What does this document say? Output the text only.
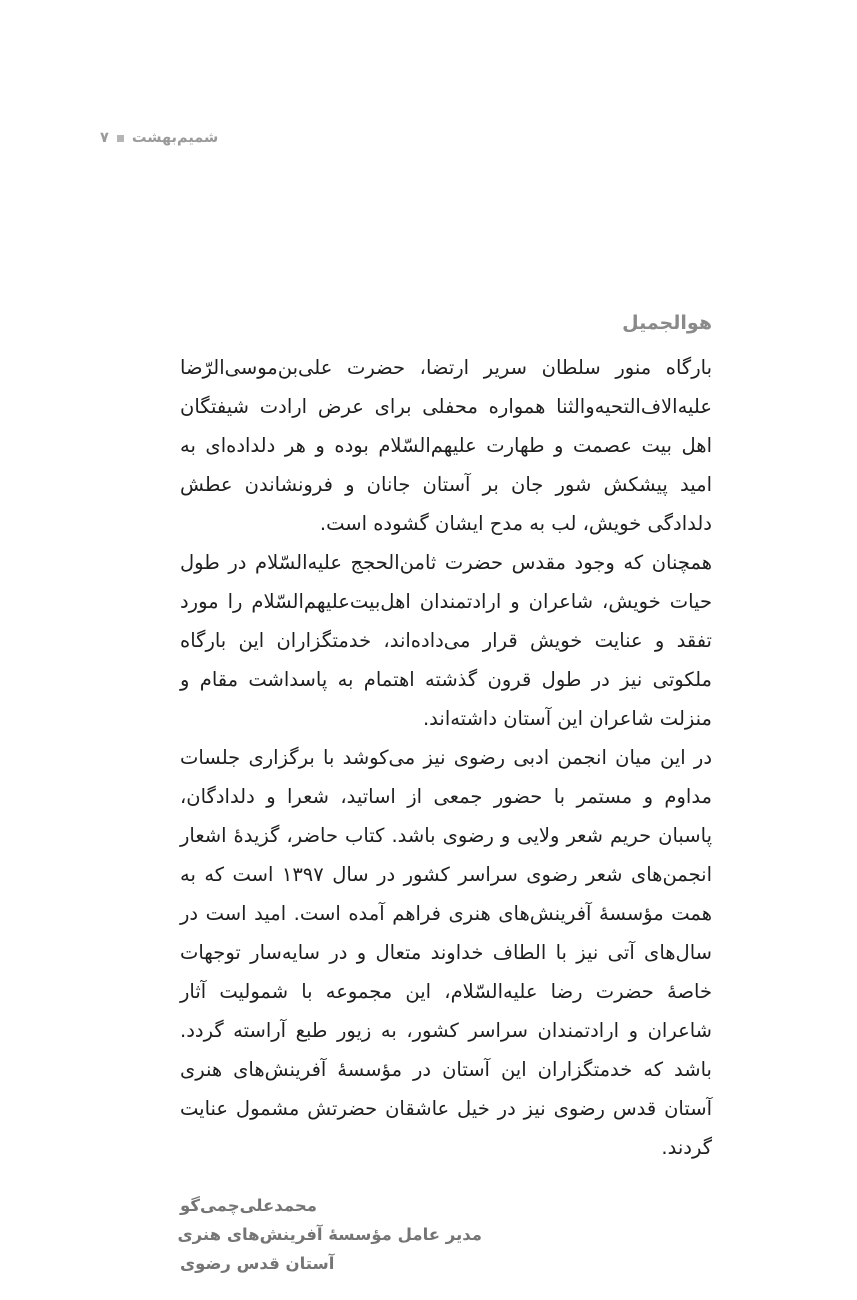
شمیم‌بهشت
۷
هوالجمیل

بارگاه منور سلطان سریر ارتضا، حضرت علی‌بن‌موسی‌الرّضا علیه‌الاف‌التحیه‌والثنا همواره محفلی برای عرض ارادت شیفتگان اهل بیت عصمت و طهارت علیهم‌السّلام بوده و هر دلداده‌ای به امید پیشکش شور جان بر آستان جانان و فرونشاندن عطش دلدادگی خویش، لب به مدح ایشان گشوده است.

همچنان که وجود مقدس حضرت ثامن‌الحجج علیه‌السّلام در طول حیات خویش، شاعران و ارادتمندان اهل‌بیت‌علیهم‌السّلام را مورد تفقد و عنایت خویش قرار می‌داده‌اند، خدمتگزاران این بارگاه ملکوتی نیز در طول قرون گذشته اهتمام به پاسداشت مقام و منزلت شاعران این آستان داشته‌اند.

در این میان انجمن ادبی رضوی نیز می‌کوشد با برگزاری جلسات مداوم و مستمر با حضور جمعی از اساتید، شعرا و دلدادگان، پاسبان حریم شعر ولایی و رضوی باشد. کتاب حاضر، گزیدهٔ اشعار انجمن‌های شعر رضوی سراسر کشور در سال ۱۳۹۷ است که به همت مؤسسهٔ آفرینش‌های هنری فراهم آمده است. امید است در سال‌های آتی نیز با الطاف خداوند متعال و در سایه‌سار توجهات خاصهٔ حضرت رضا علیه‌السّلام، این مجموعه با شمولیت آثار شاعران و ارادتمندان سراسر کشور، به زیور طبع آراسته گردد. باشد که خدمتگزاران این آستان در مؤسسهٔ آفرینش‌های هنری آستان قدس رضوی نیز در خیل عاشقان حضرتش مشمول عنایت گردند.

محمدعلی‌چمی‌گو
مدیر عامل مؤسسهٔ آفرینش‌های هنری
آستان قدس رضوی
